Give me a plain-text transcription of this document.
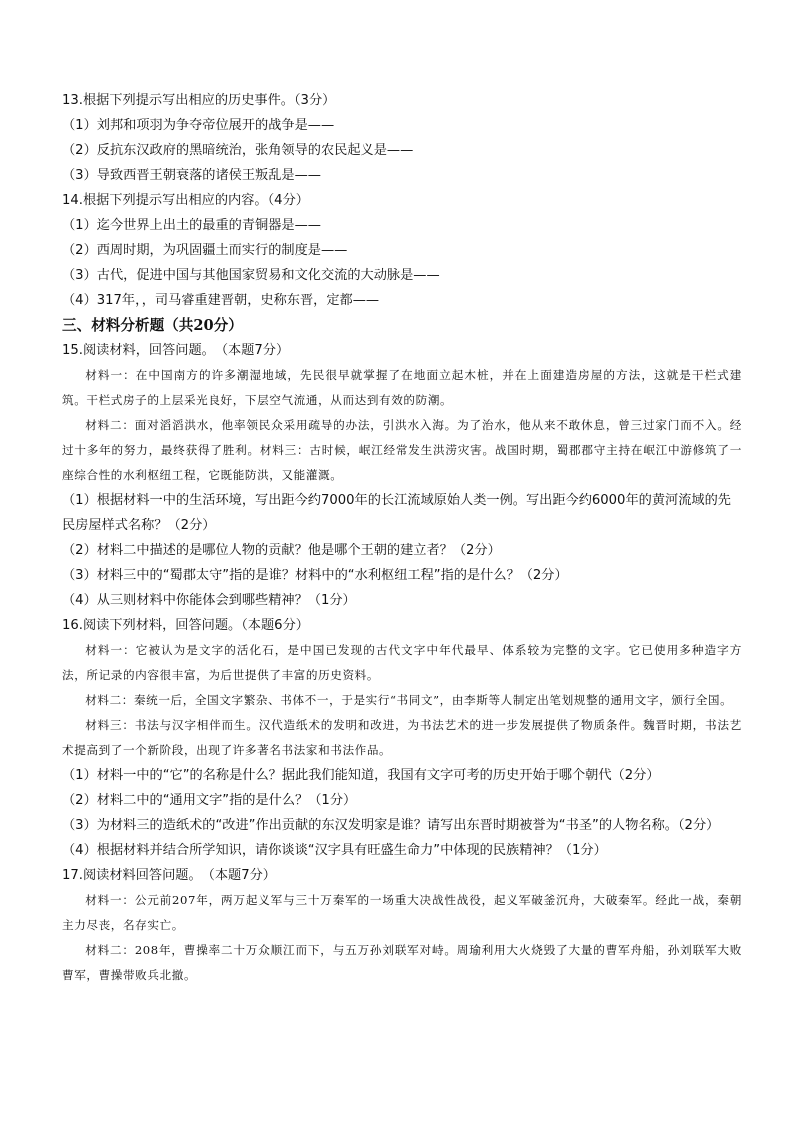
13.根据下列提示写出相应的历史事件。（3分）
（1）刘邦和项羽为争夺帝位展开的战争是——
（2）反抗东汉政府的黑暗统治，张角领导的农民起义是——
（3）导致西晋王朝衰落的诸侯王叛乱是——
14.根据下列提示写出相应的内容。（4分）
（1）迄今世界上出土的最重的青铜器是——
（2）西周时期，为巩固疆土而实行的制度是——
（3）古代，促进中国与其他国家贸易和文化交流的大动脉是——
（4）317年，，司马睿重建晋朝，史称东晋，定都——
三、材料分析题（共20分）
15.阅读材料，回答问题。　（本题7分）
材料一：在中国南方的许多潮湿地域，先民很早就掌握了在地面立起木桩，并在上面建造房屋的方法，这就是干栏式建筑。干栏式房子的上层采光良好，下层空气流通，从而达到有效的防潮。
材料二：面对滔滔洪水，他率领民众采用疏导的办法，引洪水入海。为了治水，他从来不敢休息，曾三过家门而不入。经过十多年的努力，最终获得了胜利。材料三：古时候，岷江经常发生洪涝灾害。战国时期，蜀郡郡守主持在岷江中游修筑了一座综合性的水利枢纽工程，它既能防洪，又能灌溉。
（1）根据材料一中的生活环境，写出距今约7000年的长江流域原始人类一例。写出距今约6000年的黄河流域的先民房屋样式名称？（2分）
（2）材料二中描述的是哪位人物的贡献？他是哪个王朝的建立者？（2分）
（3）材料三中的“蜀郡太守”指的是谁？材料中的“水利枢纽工程”指的是什么？（2分）
（4）从三则材料中你能体会到哪些精神？（1分）
16.阅读下列材料，回答问题。（本题6分）
材料一：它被认为是文字的活化石，是中国已发现的古代文字中年代最早、体系较为完整的文字。它已使用多种造字方法，所记录的内容很丰富，为后世提供了丰富的历史资料。
材料二：秦统一后，全国文字繁杂、书体不一，于是实行“书同文”，由李斯等人制定出笔划规整的通用文字，颁行全国。
材料三：书法与汉字相伴而生。汉代造纸术的发明和改进，为书法艺术的进一步发展提供了物质条件。魏晋时期，书法艺术提高到了一个新阶段，出现了许多著名书法家和书法作品。
（1）材料一中的“它”的名称是什么？据此我们能知道，我国有文字可考的历史开始于哪个朝代（2分）
（2）材料二中的“通用文字”指的是什么？（1分）
（3）为材料三的造纸术的“改进”作出贡献的东汉发明家是谁？请写出东晋时期被誉为“书圣”的人物名称。（2分）
（4）根据材料并结合所学知识，请你谈谈“汉字具有旺盛生命力”中体现的民族精神？（1分）
17.阅读材料回答问题。　（本题7分）
材料一：公元前207年，两万起义军与三十万秦军的一场重大决战性战役，起义军破釜沉舟，大破秦军。经此一战，秦朝主力尽丧，名存实亡。
材料二：208年，曹操率二十万众顺江而下，与五万孙刘联军对峙。周瑜利用大火烧毁了大量的曹军舟船，孙刘联军大败曹军，曹操带败兵北撤。
